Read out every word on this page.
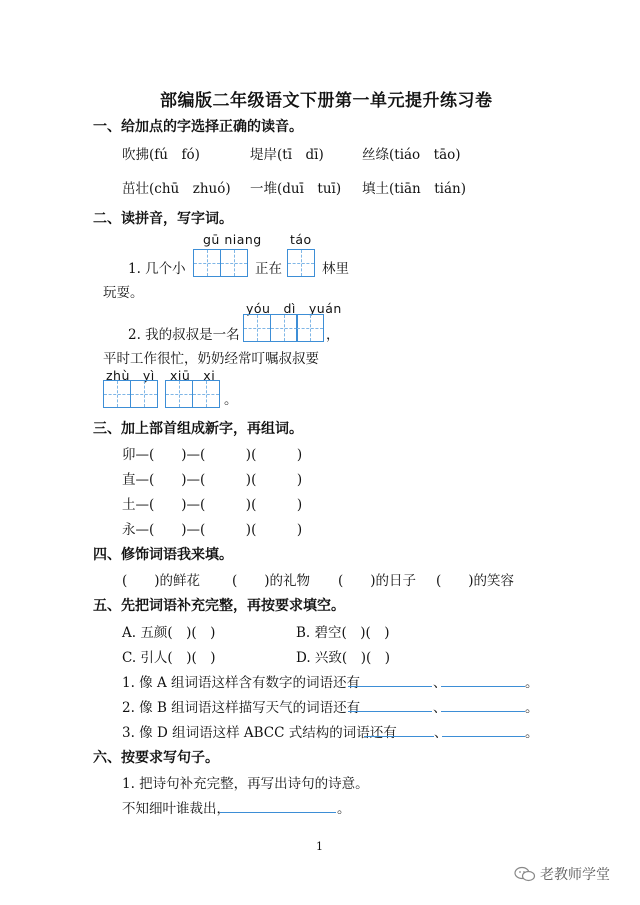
部编版二年级语文下册第一单元提升练习卷
一、给加点的字选择正确的读音。
吹拂(fú　fó)	堤岸(tī　dī)	丝绦(tiáo　tāo)
茁壮(chū　zhuó) 一堆(duī　tuī) 填土(tiān　tián)
二、读拼音，写字词。
gū niang táo
1. 几个小	正在	林里
玩耍。
yóu　dì　yuán
2. 我的叔叔是一名	，
平时工作很忙，奶奶经常叮嘱叔叔要
zhù　yì xiū　xi
。
三、加上部首组成新字，再组词。
卯—(　　)—(　　　)(　　　)
直—(　　)—(　　　)(　　　)
土—(　　)—(　　　)(　　　)
永—(　　)—(　　　)(　　　)
四、修饰词语我来填。
(　　)的鲜花 (　　)的礼物 (　　)的日子 (　　)的笑容
五、先把词语补充完整，再按要求填空。
A. 五颜(　)(　)	B. 碧空(　)(　)
C. 引人(　)(　)	D. 兴致(　)(　)
1. 像 A 组词语这样含有数字的词语还有	、	。
2. 像 B 组词语这样描写天气的词语还有	、	。
3. 像 D 组词语这样 ABCC 式结构的词语还有	、	。
六、按要求写句子。
1. 把诗句补充完整，再写出诗句的诗意。
不知细叶谁裁出，	。
1
老教师学堂
